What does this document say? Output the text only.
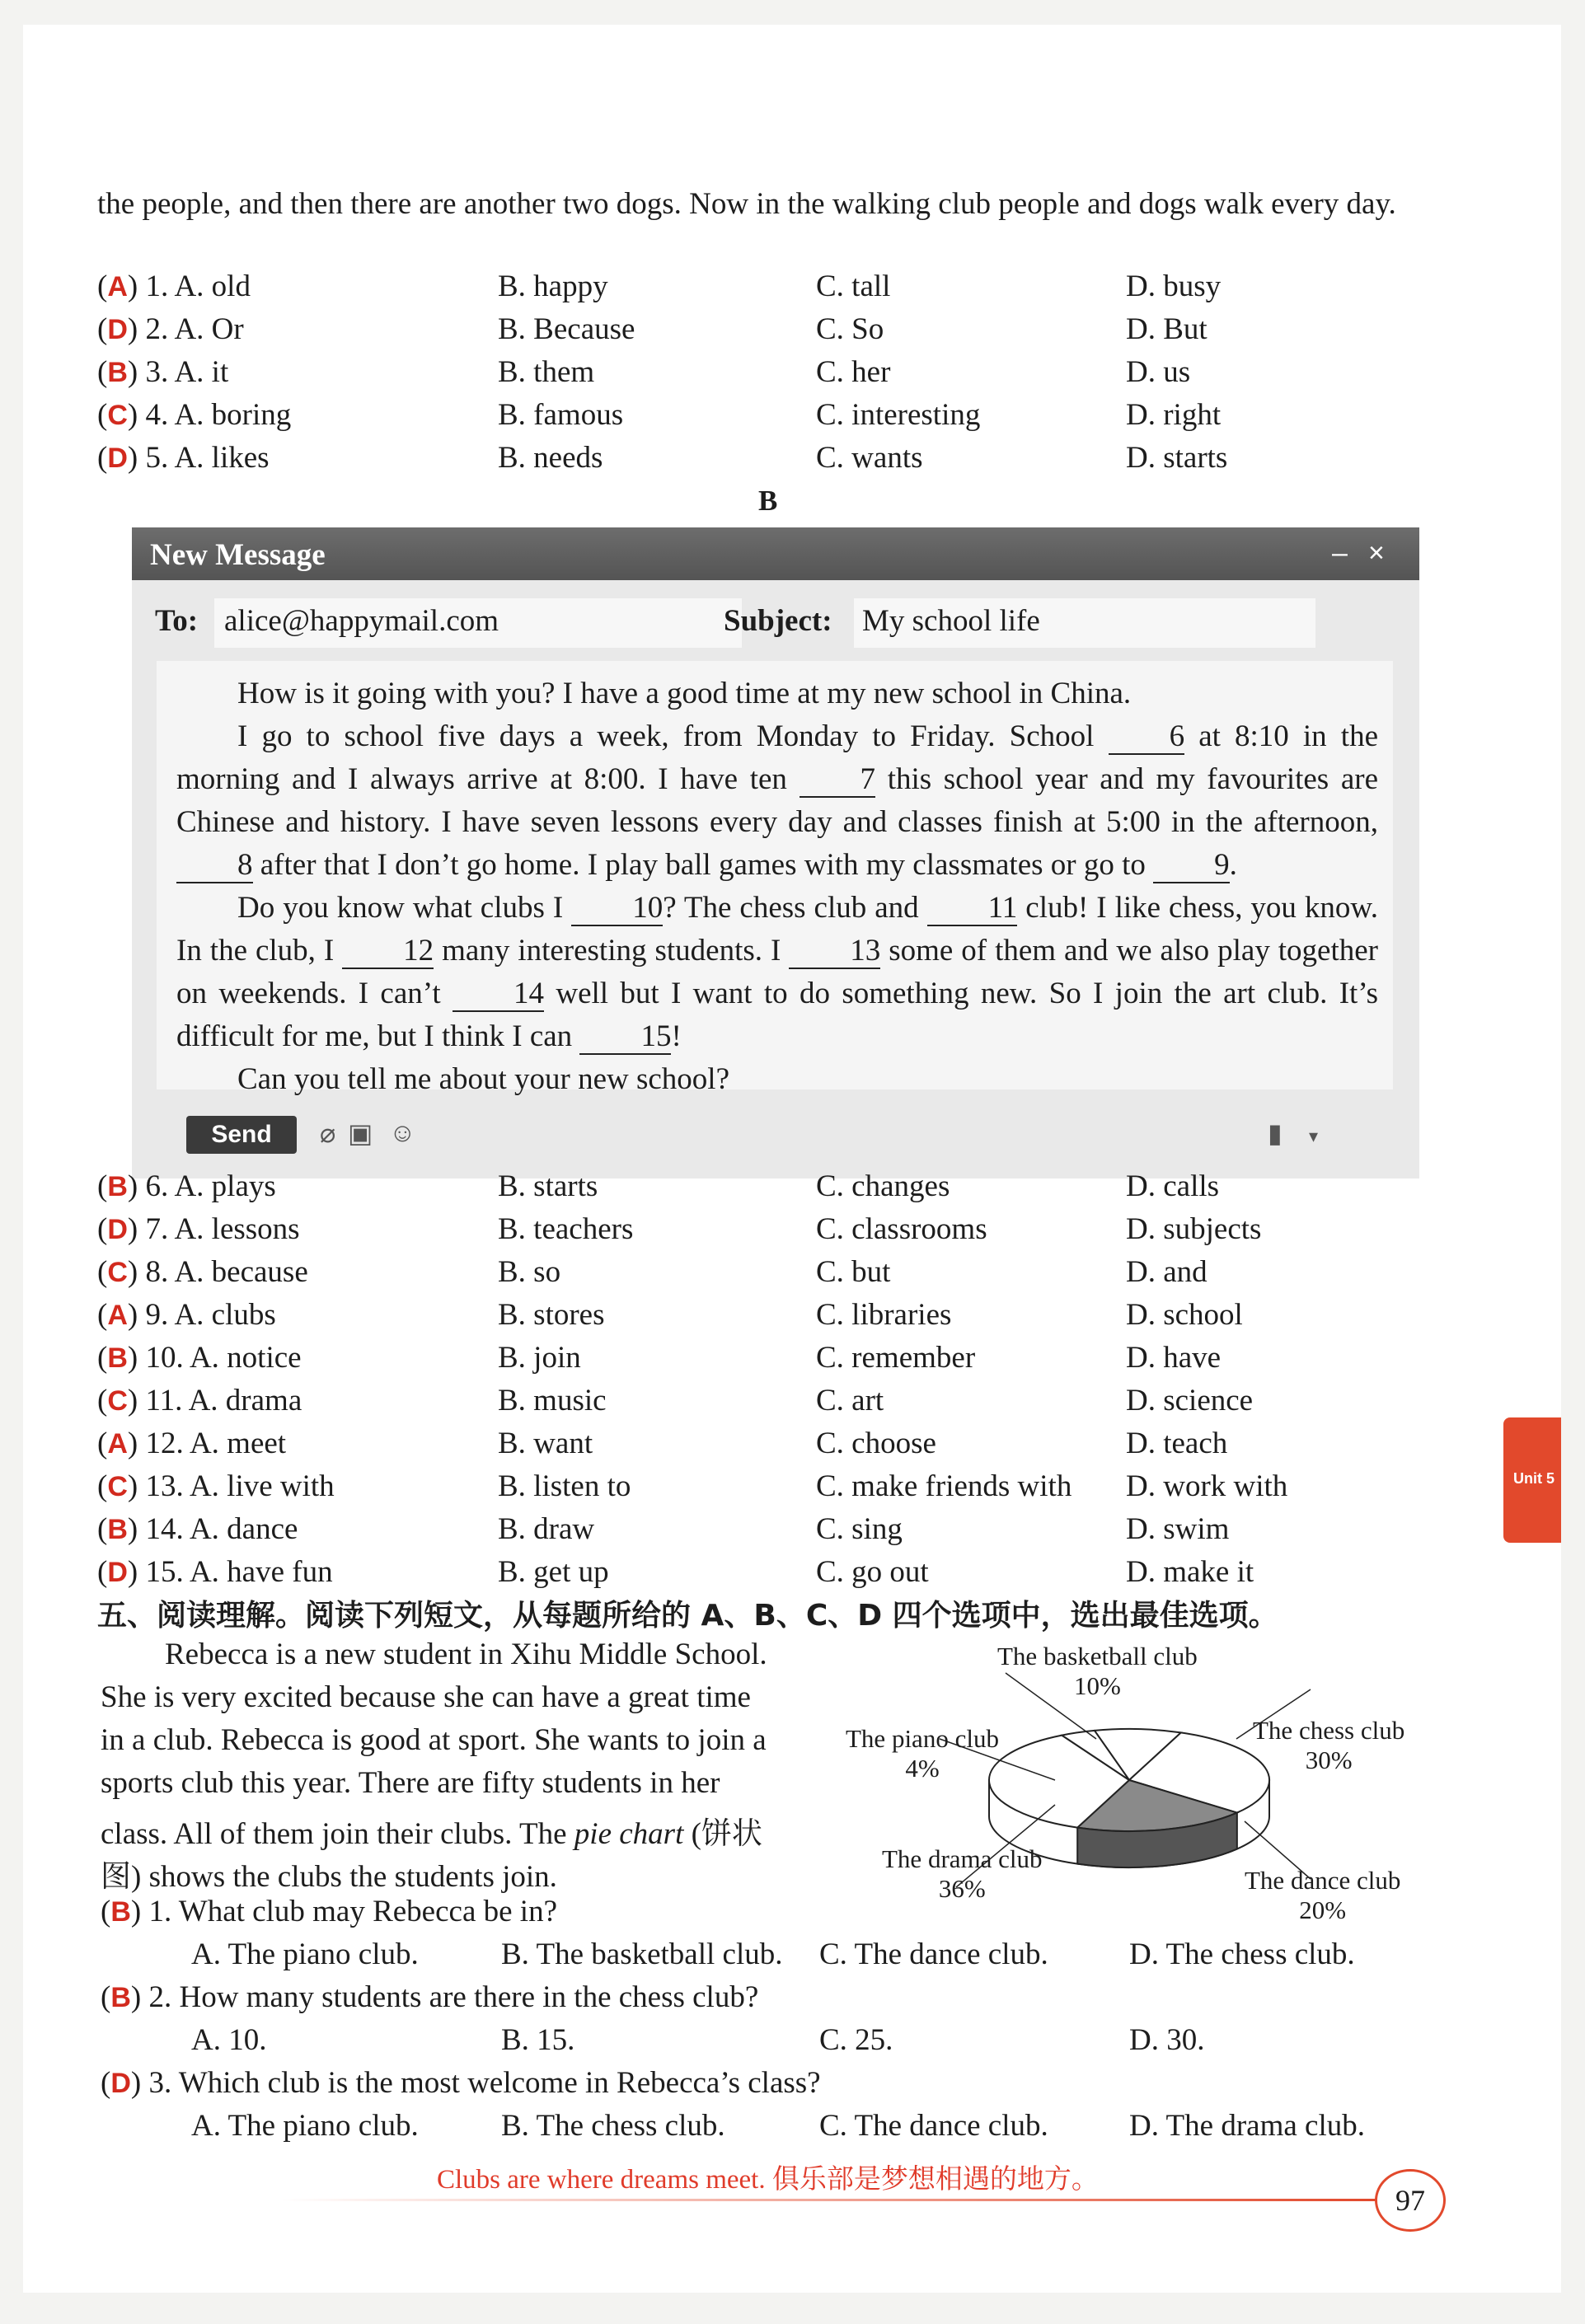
the people, and then there are another two dogs. Now in the walking club people and dogs walk every day.
(A) 1. A. old	B. happy	C. tall	D. busy
(D) 2. A. Or	B. Because	C. So	D. But
(B) 3. A. it	B. them	C. her	D. us
(C) 4. A. boring	B. famous	C. interesting	D. right
(D) 5. A. likes	B. needs	C. wants	D. starts
B
New Message	– ×
To: alice@happymail.com	Subject: My school life
How is it going with you? I have a good time at my new school in China.
I go to school five days a week, from Monday to Friday. School 6 at 8:10 in the morning and I always arrive at 8:00. I have ten 7 this school year and my favourites are Chinese and history. I have seven lessons every day and classes finish at 5:00 in the afternoon, 8 after that I don’t go home. I play ball games with my classmates or go to 9.
Do you know what clubs I 10? The chess club and 11 club! I like chess, you know. In the club, I 12 many interesting students. I 13 some of them and we also play together on weekends. I can’t 14 well but I want to do something new. So I join the art club. It’s difficult for me, but I think I can 15!
Can you tell me about your new school?
Send	⌀ ▣ ☺	▮ ▾
(B) 6. A. plays	B. starts	C. changes	D. calls
(D) 7. A. lessons	B. teachers	C. classrooms	D. subjects
(C) 8. A. because	B. so	C. but	D. and
(A) 9. A. clubs	B. stores	C. libraries	D. school
(B) 10. A. notice	B. join	C. remember	D. have
(C) 11. A. drama	B. music	C. art	D. science
(A) 12. A. meet	B. want	C. choose	D. teach
(C) 13. A. live with	B. listen to	C. make friends with D. work with
(B) 14. A. dance	B. draw	C. sing	D. swim
(D) 15. A. have fun	B. get up	C. go out	D. make it
五、阅读理解。阅读下列短文，从每题所给的 A、B、C、D 四个选项中，选出最佳选项。
Rebecca is a new student in Xihu Middle School.
She is very excited because she can have a great time
in a club. Rebecca is good at sport. She wants to join a
sports club this year. There are fifty students in her
class. All of them join their clubs. The pie chart (饼状
图) shows the clubs the students join.
The basketball club
10%
The chess club
30%
The dance club
20%
The drama club
36%
The piano club
4%
(B) 1. What club may Rebecca be in?
A. The piano club.	B. The basketball club. C. The dance club.	D. The chess club.
(B) 2. How many students are there in the chess club?
A. 10.	B. 15.	C. 25.	D. 30.
(D) 3. Which club is the most welcome in Rebecca’s class?
A. The piano club.	B. The chess club.	C. The dance club.	D. The drama club.
Unit 5
Clubs are where dreams meet. 俱乐部是梦想相遇的地方。
97
